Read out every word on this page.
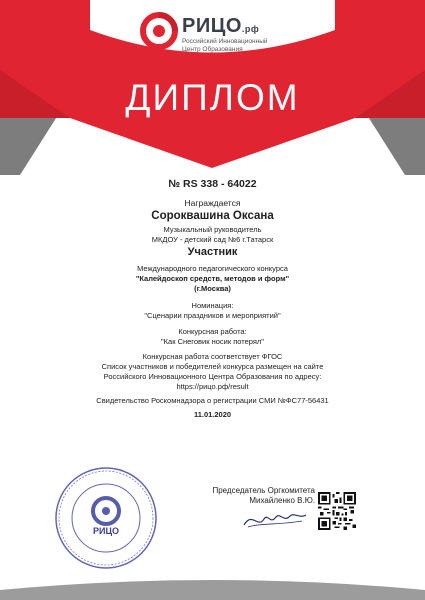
РИЦО.рф
Российский Инновационный
Центр Образования
ДИПЛОМ
№ RS 338 - 64022
Награждается
Сороквашина Оксана
Музыкальный руководитель
МКДОУ - детский сад №6 г.Татарск
Участник
Международного педагогического конкурса
"Калейдоскоп средств, методов и форм"
(г.Москва)
Номинация:
"Сценарии праздников и мероприятий"
Конкурсная работа:
"Как Снеговик носик потерял"
Конкурсная работа соответствует ФГОС
Список участников и победителей конкурса размещен на сайте
Российского Инновационного Центра Образования по адресу:
https://рицо.рф/result
Свидетельство Роскомнадзора о регистрации СМИ №ФС77-56431
11.01.2020
РИЦО
Председатель Оргкомитета
Михайленко В.Ю.
